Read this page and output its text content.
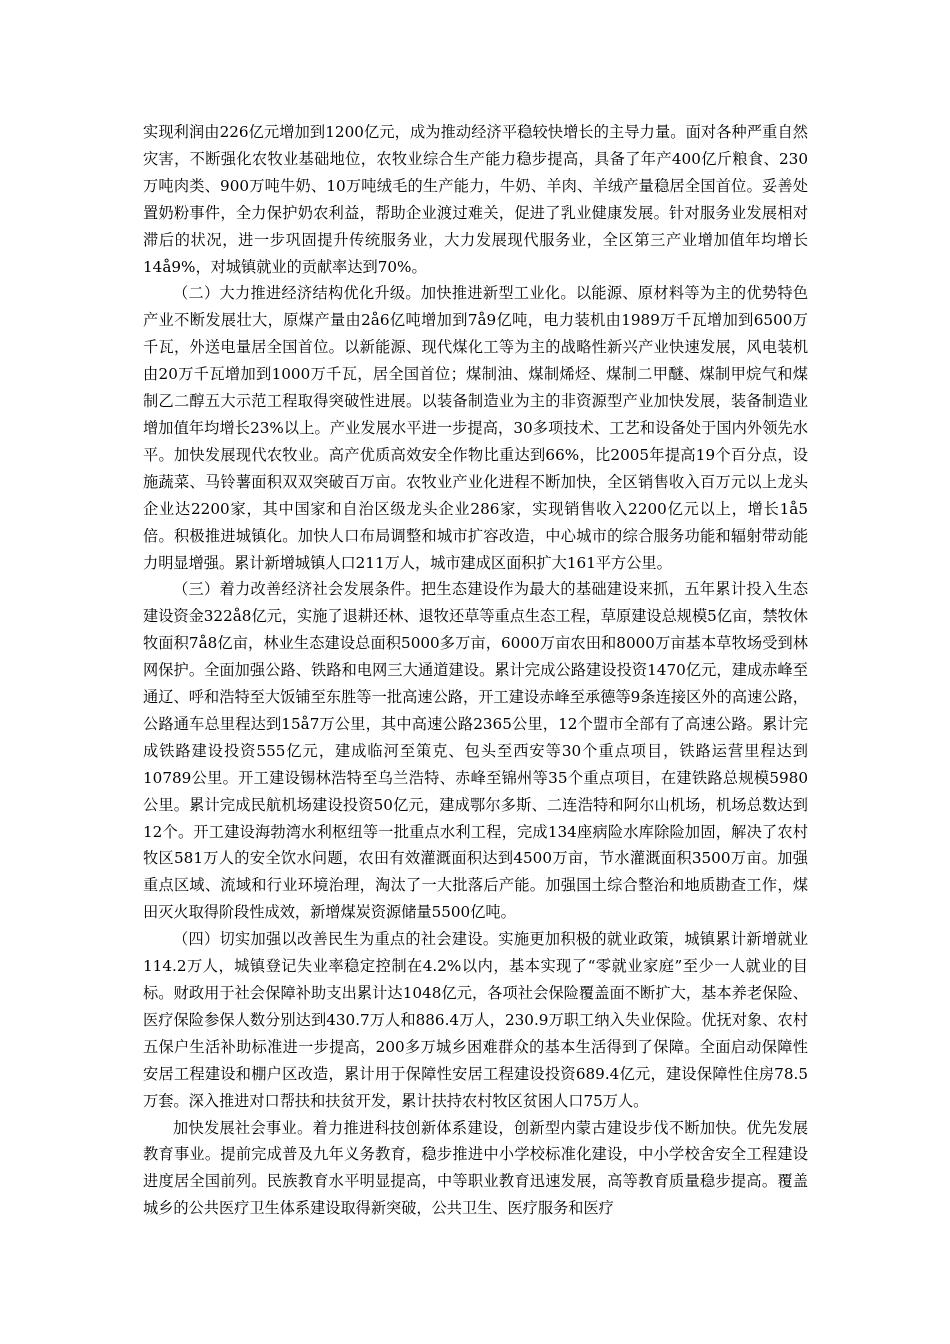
实现利润由226亿元增加到1200亿元，成为推动经济平稳较快增长的主导力量。面对各种严重自然灾害，不断强化农牧业基础地位，农牧业综合生产能力稳步提高，具备了年产400亿斤粮食、230万吨肉类、900万吨牛奶、10万吨绒毛的生产能力，牛奶、羊肉、羊绒产量稳居全国首位。妥善处置奶粉事件，全力保护奶农利益，帮助企业渡过难关，促进了乳业健康发展。针对服务业发展相对滞后的状况，进一步巩固提升传统服务业，大力发展现代服务业，全区第三产业增加值年均增长14å9%，对城镇就业的贡献率达到70%。

（二）大力推进经济结构优化升级。加快推进新型工业化。以能源、原材料等为主的优势特色产业不断发展壮大，原煤产量由2å6亿吨增加到7å9亿吨，电力装机由1989万千瓦增加到6500万千瓦，外送电量居全国首位。以新能源、现代煤化工等为主的战略性新兴产业快速发展，风电装机由20万千瓦增加到1000万千瓦，居全国首位；煤制油、煤制烯烃、煤制二甲醚、煤制甲烷气和煤制乙二醇五大示范工程取得突破性进展。以装备制造业为主的非资源型产业加快发展，装备制造业增加值年均增长23%以上。产业发展水平进一步提高，30多项技术、工艺和设备处于国内外领先水平。加快发展现代农牧业。高产优质高效安全作物比重达到66%，比2005年提高19个百分点，设施蔬菜、马铃薯面积双双突破百万亩。农牧业产业化进程不断加快，全区销售收入百万元以上龙头企业达2200家，其中国家和自治区级龙头企业286家，实现销售收入2200亿元以上，增长1å5倍。积极推进城镇化。加快人口布局调整和城市扩容改造，中心城市的综合服务功能和辐射带动能力明显增强。累计新增城镇人口211万人，城市建成区面积扩大161平方公里。

（三）着力改善经济社会发展条件。把生态建设作为最大的基础建设来抓，五年累计投入生态建设资金322å8亿元，实施了退耕还林、退牧还草等重点生态工程，草原建设总规模5亿亩，禁牧休牧面积7å8亿亩，林业生态建设总面积5000多万亩，6000万亩农田和8000万亩基本草牧场受到林网保护。全面加强公路、铁路和电网三大通道建设。累计完成公路建设投资1470亿元，建成赤峰至通辽、呼和浩特至大饭铺至东胜等一批高速公路，开工建设赤峰至承德等9条连接区外的高速公路，公路通车总里程达到15å7万公里，其中高速公路2365公里，12个盟市全部有了高速公路。累计完成铁路建设投资555亿元，建成临河至策克、包头至西安等30个重点项目，铁路运营里程达到10789公里。开工建设锡林浩特至乌兰浩特、赤峰至锦州等35个重点项目，在建铁路总规模5980公里。累计完成民航机场建设投资50亿元，建成鄂尔多斯、二连浩特和阿尔山机场，机场总数达到12个。开工建设海勃湾水利枢纽等一批重点水利工程，完成134座病险水库除险加固，解决了农村牧区581万人的安全饮水问题，农田有效灌溉面积达到4500万亩，节水灌溉面积3500万亩。加强重点区域、流域和行业环境治理，淘汰了一大批落后产能。加强国土综合整治和地质勘查工作，煤田灭火取得阶段性成效，新增煤炭资源储量5500亿吨。

（四）切实加强以改善民生为重点的社会建设。实施更加积极的就业政策，城镇累计新增就业114.2万人，城镇登记失业率稳定控制在4.2%以内，基本实现了“零就业家庭”至少一人就业的目标。财政用于社会保障补助支出累计达1048亿元，各项社会保险覆盖面不断扩大，基本养老保险、医疗保险参保人数分别达到430.7万人和886.4万人，230.9万职工纳入失业保险。优抚对象、农村五保户生活补助标准进一步提高，200多万城乡困难群众的基本生活得到了保障。全面启动保障性安居工程建设和棚户区改造，累计用于保障性安居工程建设投资689.4亿元，建设保障性住房78.5万套。深入推进对口帮扶和扶贫开发，累计扶持农村牧区贫困人口75万人。

加快发展社会事业。着力推进科技创新体系建设，创新型内蒙古建设步伐不断加快。优先发展教育事业。提前完成普及九年义务教育，稳步推进中小学校标准化建设，中小学校舍安全工程建设进度居全国前列。民族教育水平明显提高，中等职业教育迅速发展，高等教育质量稳步提高。覆盖城乡的公共医疗卫生体系建设取得新突破，公共卫生、医疗服务和医疗
